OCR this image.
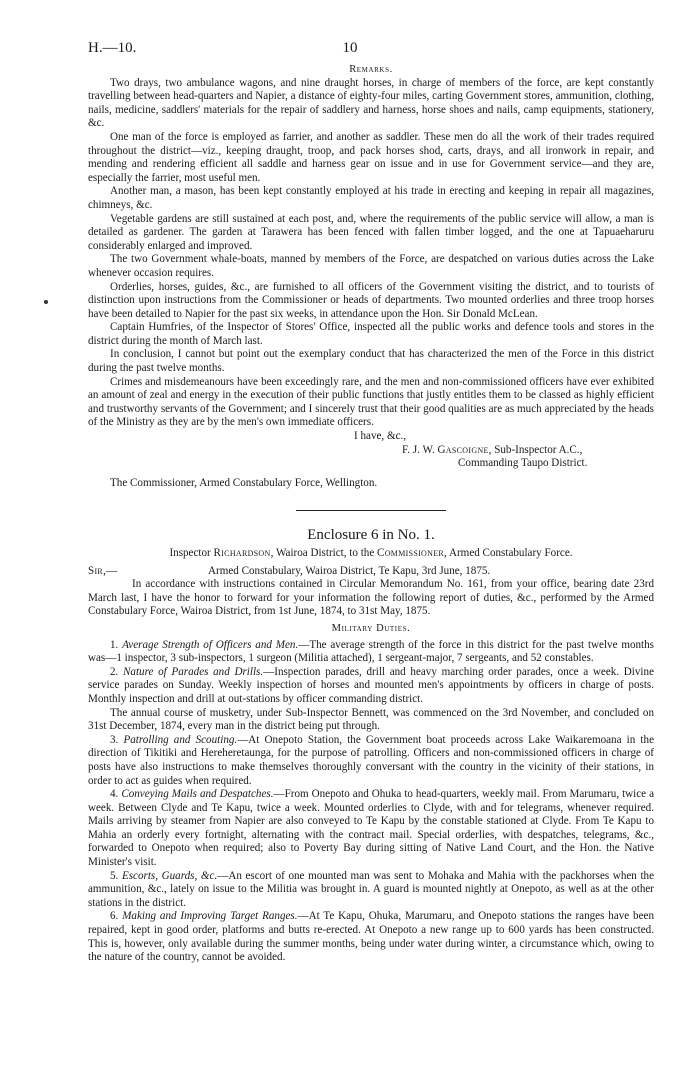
H.—10.	10

Remarks.

Two drays, two ambulance wagons, and nine draught horses, in charge of members of the force, are kept constantly travelling between head-quarters and Napier, a distance of eighty-four miles, carting Government stores, ammunition, clothing, nails, medicine, saddlers' materials for the repair of saddlery and harness, horse shoes and nails, camp equipments, stationery, &c.

One man of the force is employed as farrier, and another as saddler. These men do all the work of their trades required throughout the district—viz., keeping draught, troop, and pack horses shod, carts, drays, and all ironwork in repair, and mending and rendering efficient all saddle and harness gear on issue and in use for Government service—and they are, especially the farrier, most useful men.

Another man, a mason, has been kept constantly employed at his trade in erecting and keeping in repair all magazines, chimneys, &c.

Vegetable gardens are still sustained at each post, and, where the requirements of the public service will allow, a man is detailed as gardener. The garden at Tarawera has been fenced with fallen timber logged, and the one at Tapuaeharuru considerably enlarged and improved.

The two Government whale-boats, manned by members of the Force, are despatched on various duties across the Lake whenever occasion requires.

Orderlies, horses, guides, &c., are furnished to all officers of the Government visiting the district, and to tourists of distinction upon instructions from the Commissioner or heads of departments. Two mounted orderlies and three troop horses have been detailed to Napier for the past six weeks, in attendance upon the Hon. Sir Donald McLean.

Captain Humfries, of the Inspector of Stores' Office, inspected all the public works and defence tools and stores in the district during the month of March last.

In conclusion, I cannot but point out the exemplary conduct that has characterized the men of the Force in this district during the past twelve months.

Crimes and misdemeanours have been exceedingly rare, and the men and non-commissioned officers have ever exhibited an amount of zeal and energy in the execution of their public functions that justly entitles them to be classed as highly efficient and trustworthy servants of the Government; and I sincerely trust that their good qualities are as much appreciated by the heads of the Ministry as they are by the men's own immediate officers.

I have, &c.,
F. J. W. Gascoigne, Sub-Inspector A.C.,
Commanding Taupo District.

The Commissioner, Armed Constabulary Force, Wellington.

Enclosure 6 in No. 1.

Inspector Richardson, Wairoa District, to the Commissioner, Armed Constabulary Force.

Sir,—	Armed Constabulary, Wairoa District, Te Kapu, 3rd June, 1875.

In accordance with instructions contained in Circular Memorandum No. 161, from your office, bearing date 23rd March last, I have the honor to forward for your information the following report of duties, &c., performed by the Armed Constabulary Force, Wairoa District, from 1st June, 1874, to 31st May, 1875.

Military Duties.

1. Average Strength of Officers and Men.—The average strength of the force in this district for the past twelve months was—1 inspector, 3 sub-inspectors, 1 surgeon (Militia attached), 1 sergeant-major, 7 sergeants, and 52 constables.

2. Nature of Parades and Drills.—Inspection parades, drill and heavy marching order parades, once a week. Divine service parades on Sunday. Weekly inspection of horses and mounted men's appointments by officers in charge of posts. Monthly inspection and drill at out-stations by officer commanding district.

The annual course of musketry, under Sub-Inspector Bennett, was commenced on the 3rd November, and concluded on 31st December, 1874, every man in the district being put through.

3. Patrolling and Scouting.—At Onepoto Station, the Government boat proceeds across Lake Waikaremoana in the direction of Tikitiki and Hereheretaunga, for the purpose of patrolling. Officers and non-commissioned officers in charge of posts have also instructions to make themselves thoroughly conversant with the country in the vicinity of their stations, in order to act as guides when required.

4. Conveying Mails and Despatches.—From Onepoto and Ohuka to head-quarters, weekly mail. From Marumaru, twice a week. Between Clyde and Te Kapu, twice a week. Mounted orderlies to Clyde, with and for telegrams, whenever required. Mails arriving by steamer from Napier are also conveyed to Te Kapu by the constable stationed at Clyde. From Te Kapu to Mahia an orderly every fortnight, alternating with the contract mail. Special orderlies, with despatches, telegrams, &c., forwarded to Onepoto when required; also to Poverty Bay during sitting of Native Land Court, and the Hon. the Native Minister's visit.

5. Escorts, Guards, &c.—An escort of one mounted man was sent to Mohaka and Mahia with the packhorses when the ammunition, &c., lately on issue to the Militia was brought in. A guard is mounted nightly at Onepoto, as well as at the other stations in the district.

6. Making and Improving Target Ranges.—At Te Kapu, Ohuka, Marumaru, and Onepoto stations the ranges have been repaired, kept in good order, platforms and butts re-erected. At Onepoto a new range up to 600 yards has been constructed. This is, however, only available during the summer months, being under water during winter, a circumstance which, owing to the nature of the country, cannot be avoided.
